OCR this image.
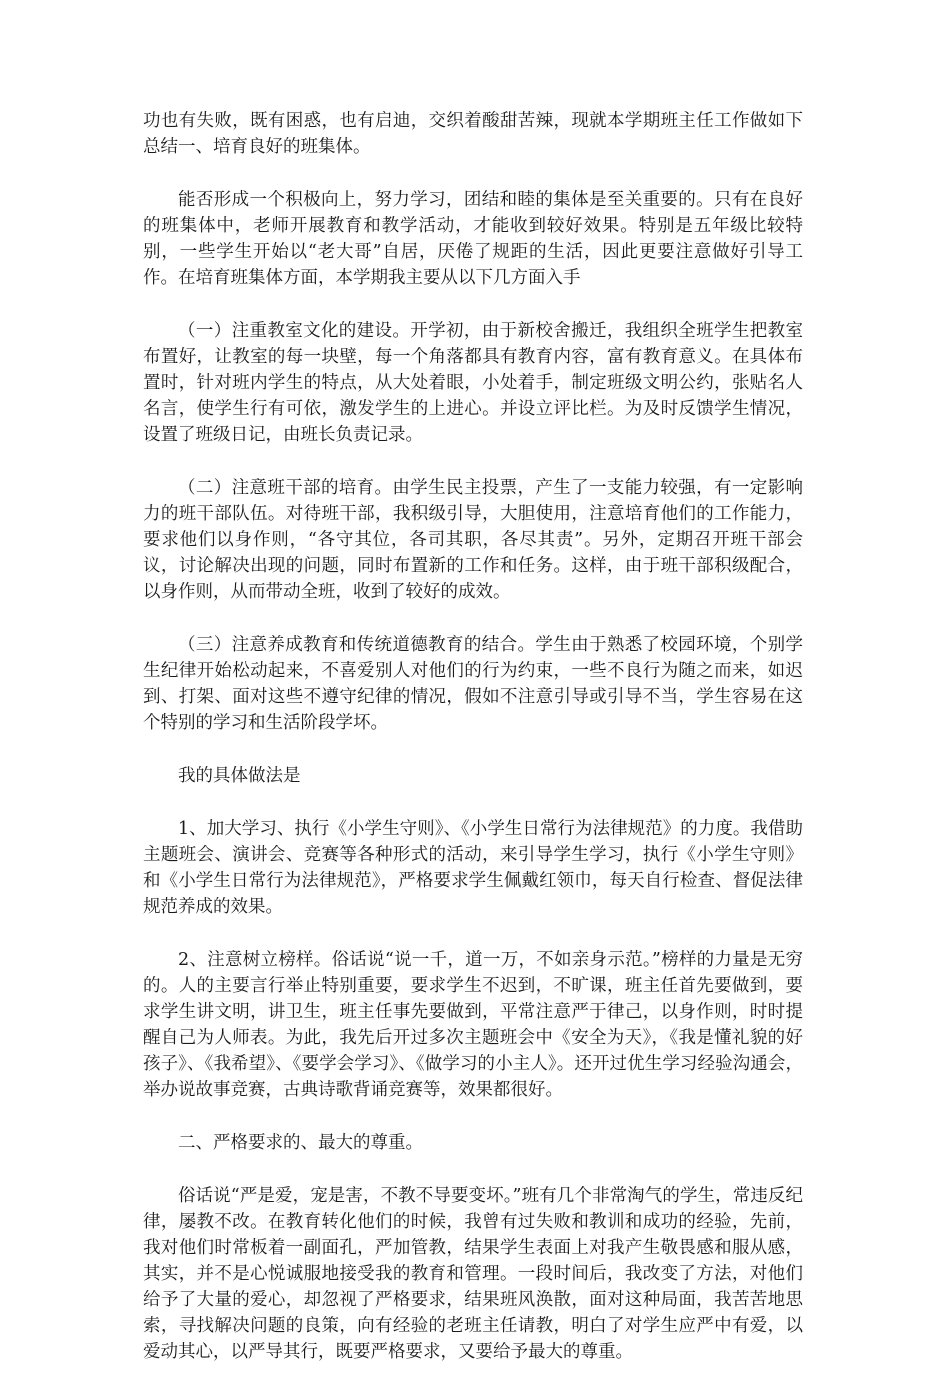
功也有失败，既有困惑，也有启迪，交织着酸甜苦辣，现就本学期班主任工作做如下总结一、培育良好的班集体。

能否形成一个积极向上，努力学习，团结和睦的集体是至关重要的。只有在良好的班集体中，老师开展教育和教学活动，才能收到较好效果。特别是五年级比较特别，一些学生开始以“老大哥”自居，厌倦了规距的生活，因此更要注意做好引导工作。在培育班集体方面，本学期我主要从以下几方面入手

（一）注重教室文化的建设。开学初，由于新校舍搬迁，我组织全班学生把教室布置好，让教室的每一块壁，每一个角落都具有教育内容，富有教育意义。在具体布置时，针对班内学生的特点，从大处着眼，小处着手，制定班级文明公约，张贴名人名言，使学生行有可依，激发学生的上进心。并设立评比栏。为及时反馈学生情况，设置了班级日记，由班长负责记录。

（二）注意班干部的培育。由学生民主投票，产生了一支能力较强，有一定影响力的班干部队伍。对待班干部，我积级引导，大胆使用，注意培育他们的工作能力，要求他们以身作则，“各守其位，各司其职，各尽其责”。另外，定期召开班干部会议，讨论解决出现的问题，同时布置新的工作和任务。这样，由于班干部积级配合，以身作则，从而带动全班，收到了较好的成效。

（三）注意养成教育和传统道德教育的结合。学生由于熟悉了校园环境，个别学生纪律开始松动起来，不喜爱别人对他们的行为约束，一些不良行为随之而来，如迟到、打架、面对这些不遵守纪律的情况，假如不注意引导或引导不当，学生容易在这个特别的学习和生活阶段学坏。

我的具体做法是

1、加大学习、执行《小学生守则》、《小学生日常行为法律规范》的力度。我借助主题班会、演讲会、竞赛等各种形式的活动，来引导学生学习，执行《小学生守则》和《小学生日常行为法律规范》，严格要求学生佩戴红领巾，每天自行检查、督促法律规范养成的效果。

2、注意树立榜样。俗话说“说一千，道一万，不如亲身示范。”榜样的力量是无穷的。人的主要言行举止特别重要，要求学生不迟到，不旷课，班主任首先要做到，要求学生讲文明，讲卫生，班主任事先要做到，平常注意严于律己，以身作则，时时提醒自己为人师表。为此，我先后开过多次主题班会中《安全为天》，《我是懂礼貌的好孩子》、《我希望》、《要学会学习》、《做学习的小主人》。还开过优生学习经验沟通会，举办说故事竞赛，古典诗歌背诵竞赛等，效果都很好。

二、严格要求的、最大的尊重。

俗话说“严是爱，宠是害，不教不导要变坏。”班有几个非常淘气的学生，常违反纪律，屡教不改。在教育转化他们的时候，我曾有过失败和教训和成功的经验，先前，我对他们时常板着一副面孔，严加管教，结果学生表面上对我产生敬畏感和服从感，其实，并不是心悦诚服地接受我的教育和管理。一段时间后，我改变了方法，对他们给予了大量的爱心，却忽视了严格要求，结果班风涣散，面对这种局面，我苦苦地思索，寻找解决问题的良策，向有经验的老班主任请教，明白了对学生应严中有爱，以爱动其心，以严导其行，既要严格要求，又要给予最大的尊重。
